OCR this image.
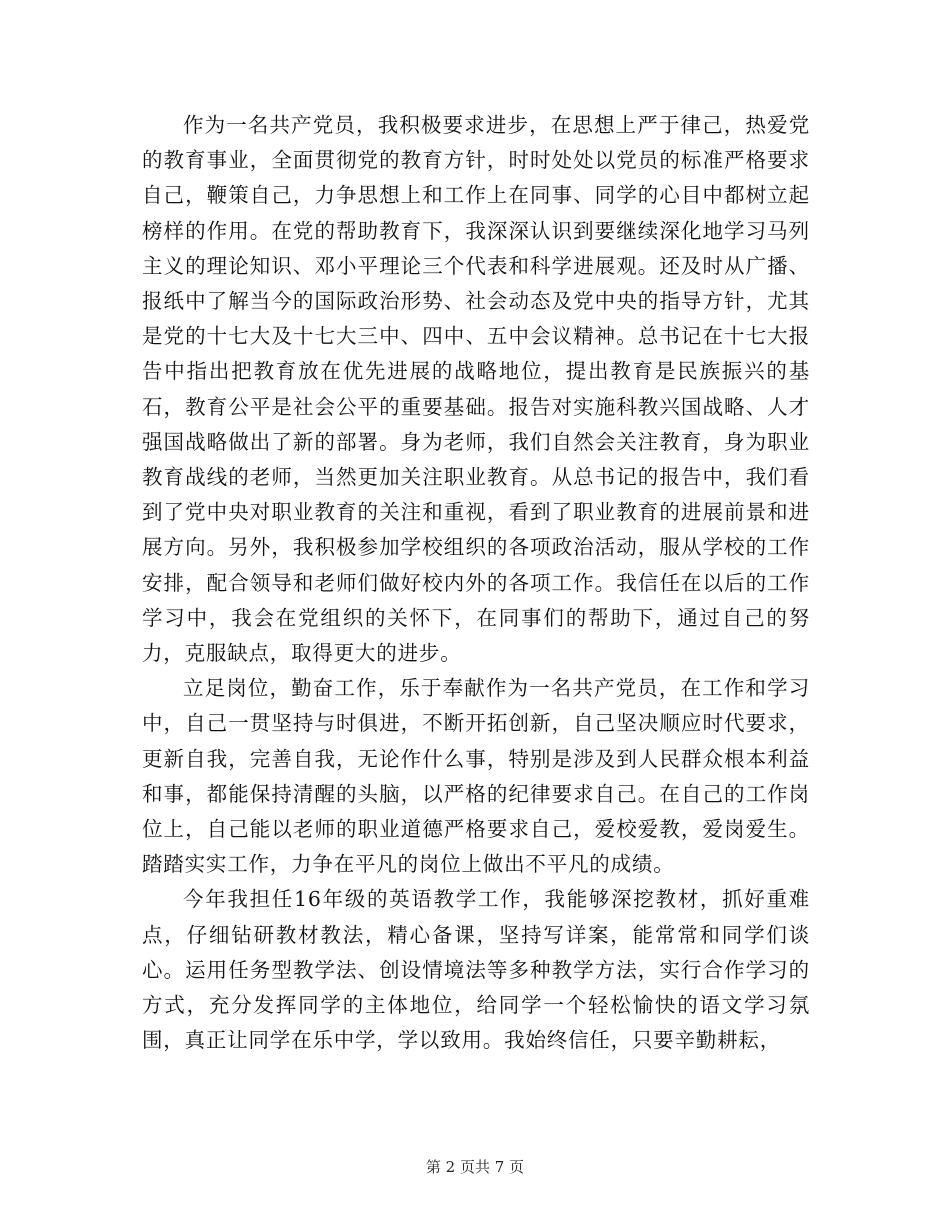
作为一名共产党员，我积极要求进步，在思想上严于律己，热爱党的教育事业，全面贯彻党的教育方针，时时处处以党员的标准严格要求自己，鞭策自己，力争思想上和工作上在同事、同学的心目中都树立起榜样的作用。在党的帮助教育下，我深深认识到要继续深化地学习马列主义的理论知识、邓小平理论三个代表和科学进展观。还及时从广播、报纸中了解当今的国际政治形势、社会动态及党中央的指导方针，尤其是党的十七大及十七大三中、四中、五中会议精神。总书记在十七大报告中指出把教育放在优先进展的战略地位，提出教育是民族振兴的基石，教育公平是社会公平的重要基础。报告对实施科教兴国战略、人才强国战略做出了新的部署。身为老师，我们自然会关注教育，身为职业教育战线的老师，当然更加关注职业教育。从总书记的报告中，我们看到了党中央对职业教育的关注和重视，看到了职业教育的进展前景和进展方向。另外，我积极参加学校组织的各项政治活动，服从学校的工作安排，配合领导和老师们做好校内外的各项工作。我信任在以后的工作学习中，我会在党组织的关怀下，在同事们的帮助下，通过自己的努力，克服缺点，取得更大的进步。

立足岗位，勤奋工作，乐于奉献作为一名共产党员，在工作和学习中，自己一贯坚持与时俱进，不断开拓创新，自己坚决顺应时代要求，更新自我，完善自我，无论作什么事，特别是涉及到人民群众根本利益和事，都能保持清醒的头脑，以严格的纪律要求自己。在自己的工作岗位上，自己能以老师的职业道德严格要求自己，爱校爱教，爱岗爱生。踏踏实实工作，力争在平凡的岗位上做出不平凡的成绩。

今年我担任16年级的英语教学工作，我能够深挖教材，抓好重难点，仔细钻研教材教法，精心备课，坚持写详案，能常常和同学们谈心。运用任务型教学法、创设情境法等多种教学方法，实行合作学习的方式，充分发挥同学的主体地位，给同学一个轻松愉快的语文学习氛围，真正让同学在乐中学，学以致用。我始终信任，只要辛勤耕耘，

第 2 页共 7 页
